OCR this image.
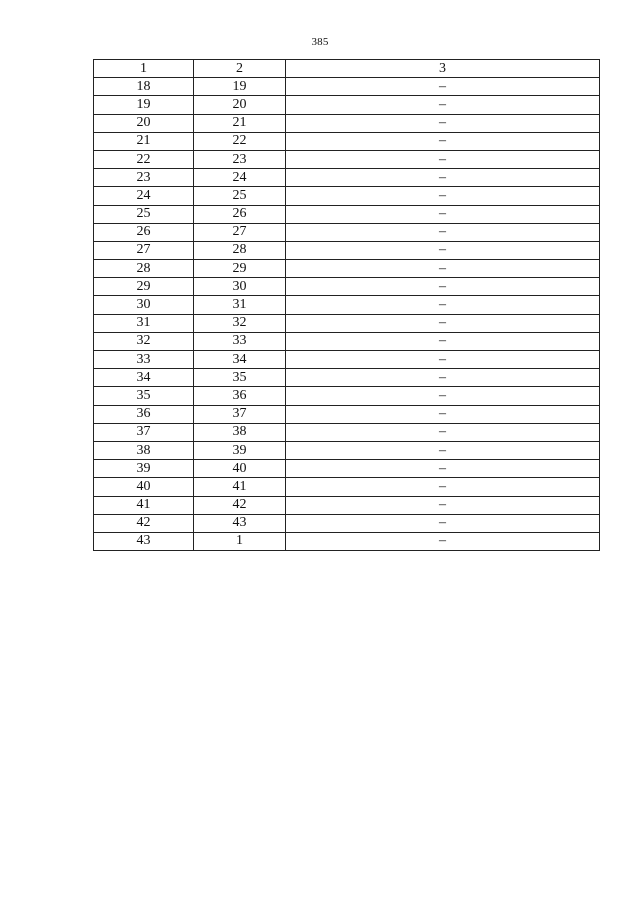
385
1	2	3
18	19	–
19	20	–
20	21	–
21	22	–
22	23	–
23	24	–
24	25	–
25	26	–
26	27	–
27	28	–
28	29	–
29	30	–
30	31	–
31	32	–
32	33	–
33	34	–
34	35	–
35	36	–
36	37	–
37	38	–
38	39	–
39	40	–
40	41	–
41	42	–
42	43	–
43	1	–
